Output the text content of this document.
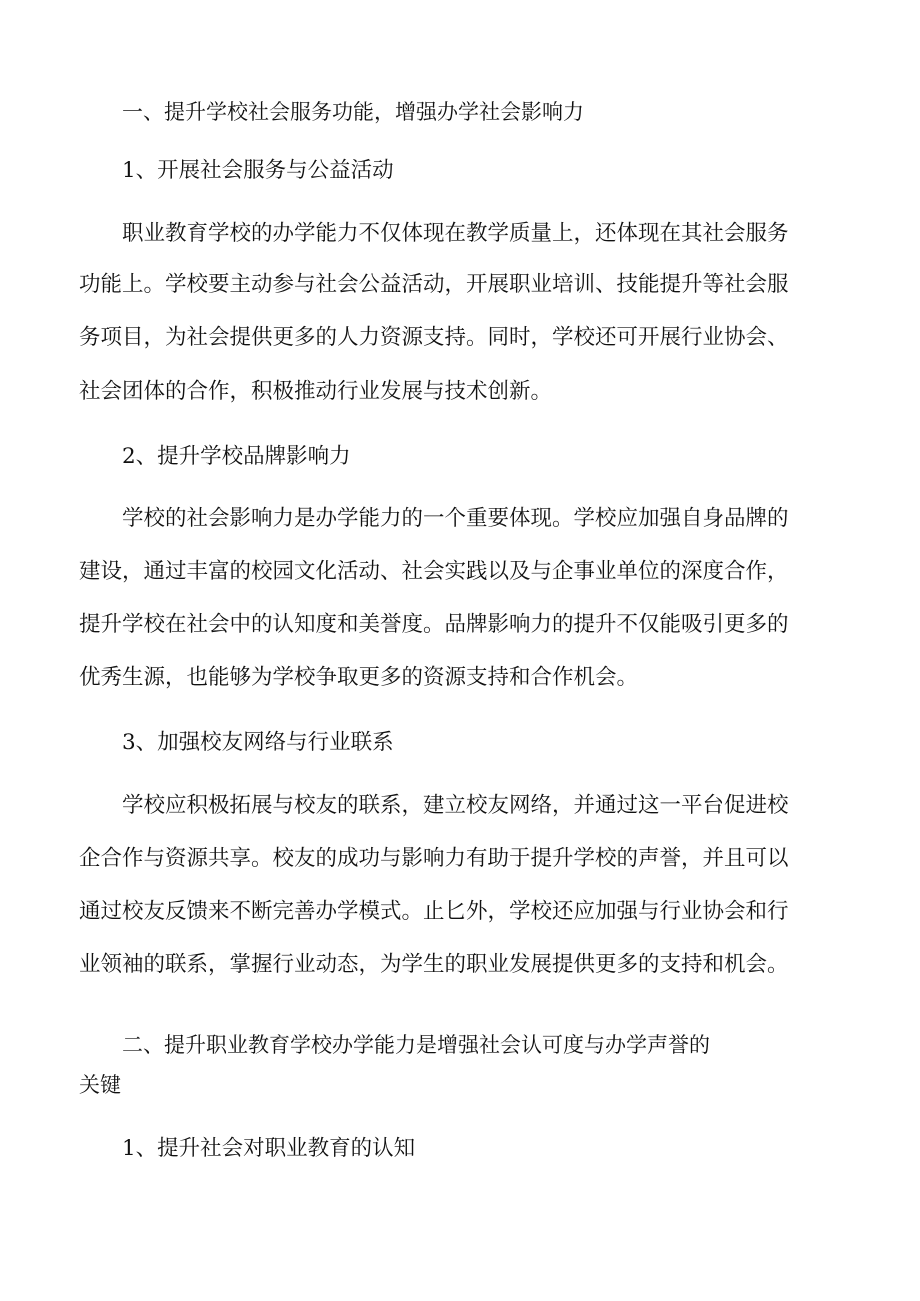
一、提升学校社会服务功能，增强办学社会影响力

1、开展社会服务与公益活动

职业教育学校的办学能力不仅体现在教学质量上，还体现在其社会服务

功能上。学校要主动参与社会公益活动，开展职业培训、技能提升等社会服

务项目，为社会提供更多的人力资源支持。同时，学校还可开展行业协会、

社会团体的合作，积极推动行业发展与技术创新。

2、提升学校品牌影响力

学校的社会影响力是办学能力的一个重要体现。学校应加强自身品牌的

建设，通过丰富的校园文化活动、社会实践以及与企事业单位的深度合作，

提升学校在社会中的认知度和美誉度。品牌影响力的提升不仅能吸引更多的

优秀生源，也能够为学校争取更多的资源支持和合作机会。

3、加强校友网络与行业联系

学校应积极拓展与校友的联系，建立校友网络，并通过这一平台促进校

企合作与资源共享。校友的成功与影响力有助于提升学校的声誉，并且可以

通过校友反馈来不断完善办学模式。止匕外，学校还应加强与行业协会和行

业领袖的联系，掌握行业动态，为学生的职业发展提供更多的支持和机会。

二、提升职业教育学校办学能力是增强社会认可度与办学声誉的

关键

1、提升社会对职业教育的认知
